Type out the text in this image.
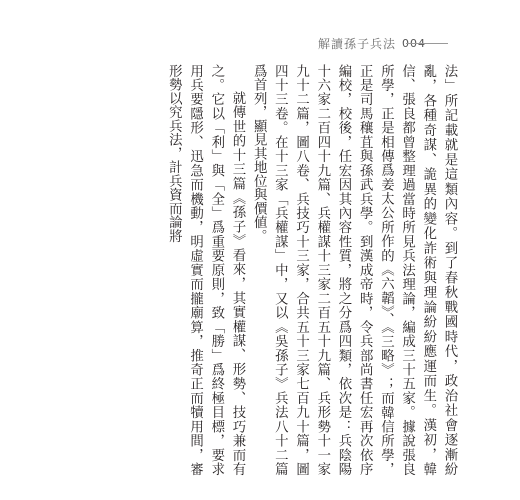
解讀孫子兵法 004

法」所記載就是這類內容。到了春秋戰國時代，政治社會逐漸紛亂，各種奇謀、詭異的變化詐術與理論紛紛應運而生。漢初，韓信、張良都曾整理過當時所見兵法理論，編成三十五家。據說張良所學，正是相傳爲姜太公所作的《六韜》、《三略》；而韓信所學，正是司馬穰苴與孫武兵學。到漢成帝時，令兵部尚書任宏再次依序編校，校後，任宏因其內容性質，將之分爲四類，依次是：兵陰陽十六家二百四十九篇、兵權謀十三家二百五十九篇、兵形勢十一家九十二篇，圖八卷、兵技巧十三家，合共五十三家七百九十篇，圖四十三卷。在十三家「兵權謀」中，又以《吳孫子》兵法八十二篇爲首列，顯見其地位與價値。

就傳世的十三篇《孫子》看來，其實權謀、形勢、技巧兼而有之。它以「利」與「全」爲重要原則，致「勝」爲終極目標，要求用兵要隱形、迅急而機動，明虛實而攏廟算，推奇正而犢用間，審形勢以究兵法，計兵資而論將
